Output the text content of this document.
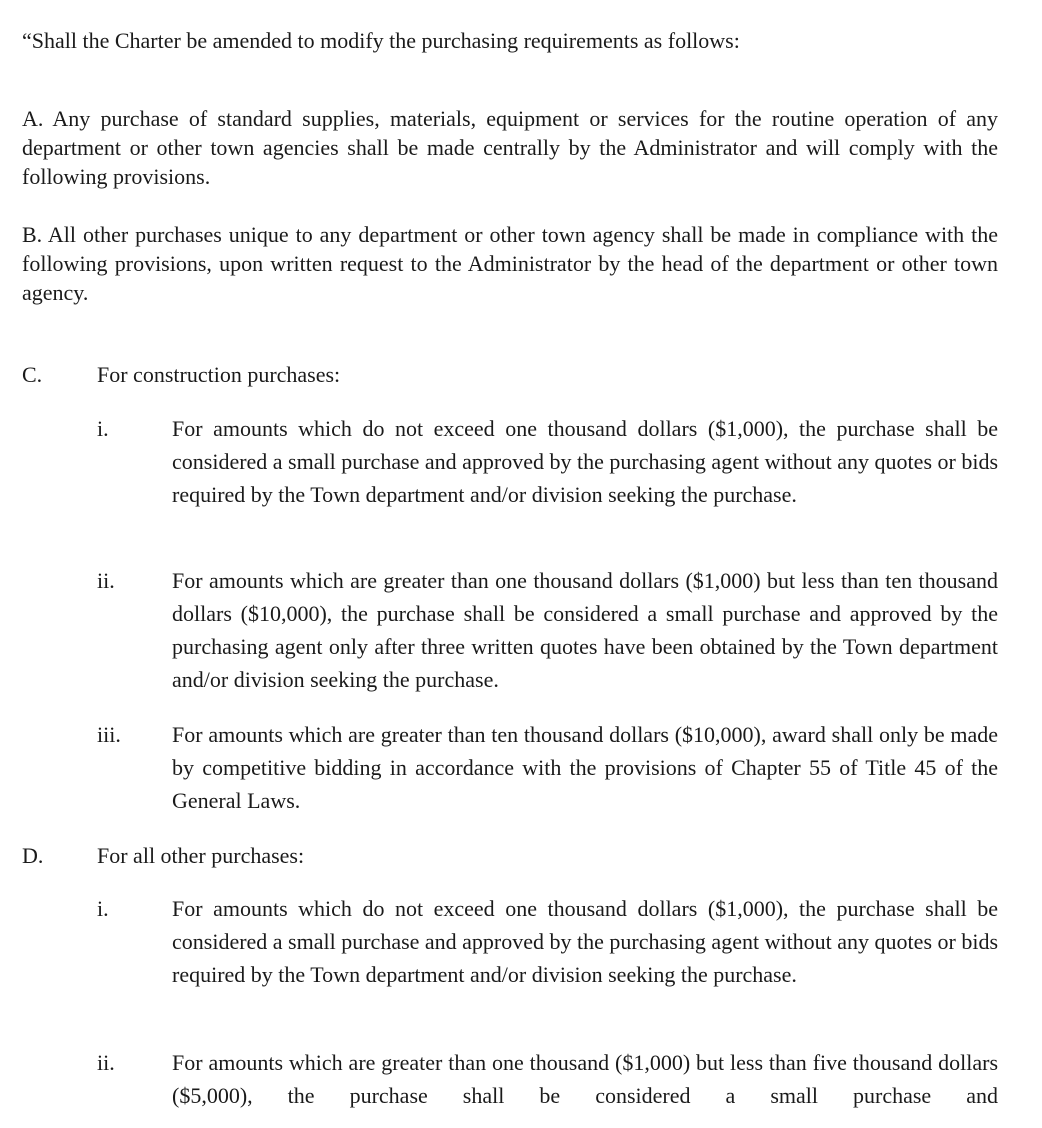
“Shall the Charter be amended to modify the purchasing requirements as follows:

A. Any purchase of standard supplies, materials, equipment or services for the routine operation of any department or other town agencies shall be made centrally by the Administrator and will comply with the following provisions.

B. All other purchases unique to any department or other town agency shall be made in compliance with the following provisions, upon written request to the Administrator by the head of the department or other town agency.

C. For construction purchases:

i.	For amounts which do not exceed one thousand dollars ($1,000), the purchase shall be considered a small purchase and approved by the purchasing agent without any quotes or bids required by the Town department and/or division seeking the purchase.

ii.	For amounts which are greater than one thousand dollars ($1,000) but less than ten thousand dollars ($10,000), the purchase shall be considered a small purchase and approved by the purchasing agent only after three written quotes have been obtained by the Town department and/or division seeking the purchase.

iii. For amounts which are greater than ten thousand dollars ($10,000), award shall only be made by competitive bidding in accordance with the provisions of Chapter 55 of Title 45 of the General Laws.

D. For all other purchases:

i.	For amounts which do not exceed one thousand dollars ($1,000), the purchase shall be considered a small purchase and approved by the purchasing agent without any quotes or bids required by the Town department and/or division seeking the purchase.

ii.	For amounts which are greater than one thousand ($1,000) but less than five thousand dollars ($5,000), the purchase shall be considered a small purchase and
